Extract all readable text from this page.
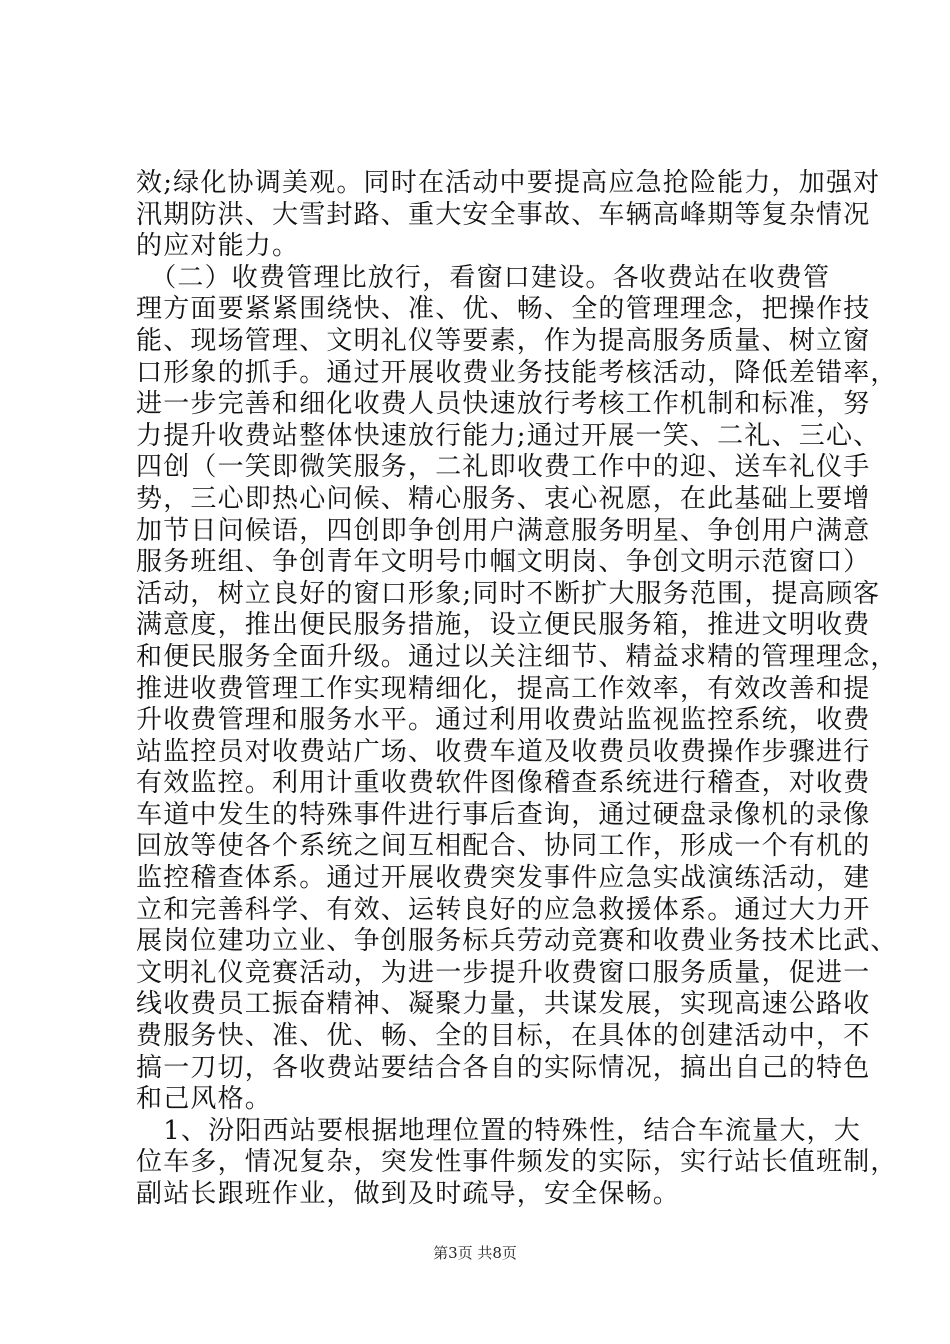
效;绿化协调美观。同时在活动中要提高应急抢险能力，加强对
汛期防洪、大雪封路、重大安全事故、车辆高峰期等复杂情况
的应对能力。
　（二）收费管理比放行，看窗口建设。各收费站在收费管
理方面要紧紧围绕快、准、优、畅、全的管理理念，把操作技
能、现场管理、文明礼仪等要素，作为提高服务质量、树立窗
口形象的抓手。通过开展收费业务技能考核活动，降低差错率，
进一步完善和细化收费人员快速放行考核工作机制和标准，努
力提升收费站整体快速放行能力;通过开展一笑、二礼、三心、
四创（一笑即微笑服务，二礼即收费工作中的迎、送车礼仪手
势，三心即热心问候、精心服务、衷心祝愿，在此基础上要增
加节日问候语，四创即争创用户满意服务明星、争创用户满意
服务班组、争创青年文明号巾帼文明岗、争创文明示范窗口）
活动，树立良好的窗口形象;同时不断扩大服务范围，提高顾客
满意度，推出便民服务措施，设立便民服务箱，推进文明收费
和便民服务全面升级。通过以关注细节、精益求精的管理理念，
推进收费管理工作实现精细化，提高工作效率，有效改善和提
升收费管理和服务水平。通过利用收费站监视监控系统，收费
站监控员对收费站广场、收费车道及收费员收费操作步骤进行
有效监控。利用计重收费软件图像稽查系统进行稽查，对收费
车道中发生的特殊事件进行事后查询，通过硬盘录像机的录像
回放等使各个系统之间互相配合、协同工作，形成一个有机的
监控稽查体系。通过开展收费突发事件应急实战演练活动，建
立和完善科学、有效、运转良好的应急救援体系。通过大力开
展岗位建功立业、争创服务标兵劳动竞赛和收费业务技术比武、
文明礼仪竞赛活动，为进一步提升收费窗口服务质量，促进一
线收费员工振奋精神、凝聚力量，共谋发展，实现高速公路收
费服务快、准、优、畅、全的目标，在具体的创建活动中，不
搞一刀切，各收费站要结合各自的实际情况，搞出自己的特色
和己风格。
　1、汾阳西站要根据地理位置的特殊性，结合车流量大，大
位车多，情况复杂，突发性事件频发的实际，实行站长值班制，
副站长跟班作业，做到及时疏导，安全保畅。
第3页 共8页
